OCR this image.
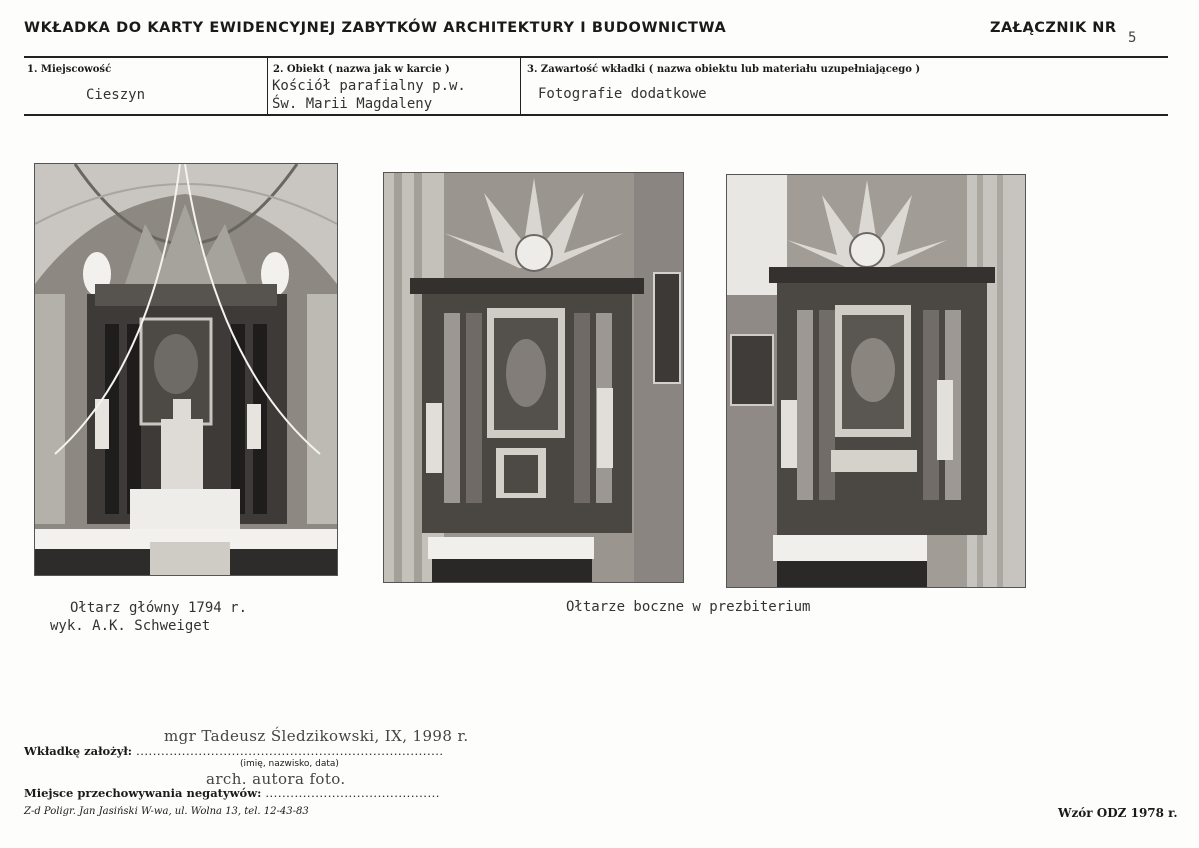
WKŁADKA DO KARTY EWIDENCYJNEJ ZABYTKÓW ARCHITEKTURY I BUDOWNICTWA	ZAŁĄCZNIK NR
5
1. Miejscowość
Cieszyn
2. Obiekt ( nazwa jak w karcie )
Kościół parafialny p.w.
Św. Marii Magdaleny
3. Zawartość wkładki ( nazwa obiektu lub materiału uzupełniającego )
Fotografie dodatkowe
Ołtarz główny 1794 r.
wyk. A.K. Schweiget
Ołtarze boczne w prezbiterium
mgr Tadeusz Śledzikowski, IX, 1998 r.
Wkładkę założył: ..........................................................................
(imię, nazwisko, data)
arch. autora foto.
Miejsce przechowywania negatywów: ..........................................
Z-d Poligr. Jan Jasiński W-wa, ul. Wolna 13, tel. 12-43-83	Wzór ODZ 1978 r.
